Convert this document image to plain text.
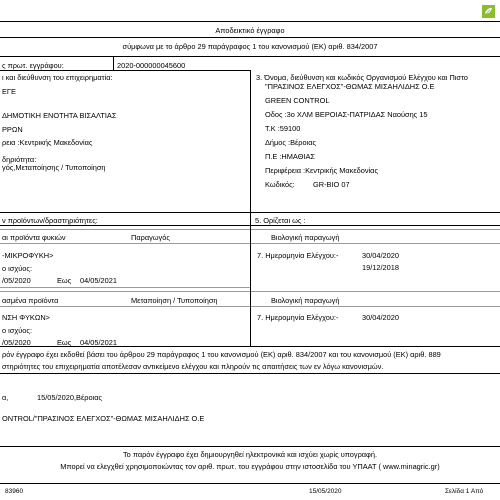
Αποδεικτικό έγγραφο
σύμφωνα με το άρθρο 29 παράγραφος 1 του κανονισμού (ΕΚ) αριθ. 834/2007
ς πρωτ. εγγράφου:	2020-000000045600
ι και διεύθυνση του επιχειρηματία:
ΕΓΕ
ΔΗΜΟΤΙΚΗ ΕΝΟΤΗΤΑ ΒΙΣΑΛΤΙΑΣ
ΡΡΩΝ
ρεια :Κεντρικής Μακεδονίας
δηριότητα:
γός,Μεταποίησης / Τυποποίηση
3. Όνομα, διεύθυνση και κωδικός Οργανισμού Ελέγχου και Πιστο
"ΠΡΑΣΙΝΟΣ ΕΛΕΓΧΟΣ"-ΘΩΜΑΣ ΜΙΣΑΗΛΙΔΗΣ Ο.Ε
GREEN CONTROL
Οδος :3ο ΧΛΜ ΒΕΡΟΙΑΣ-ΠΑΤΡΙΔΑΣ Ναούσης 15
Τ.Κ :59100
Δήμος :Βέροιας
Π.Ε :ΗΜΑΘΙΑΣ
Περιφέρεια :Κεντρικής Μακεδονίας
Κωδικός: GR-BIO 07
ν προϊόντων/δραστηριότητες:	5. Ορίζεται ως :
αι προϊόντα φυκιών	Παραγωγός	Βιολογική παραγωγή
-ΜΙΚΡΟΦΥΚΗ>
ο ισχύος:
/05/2020	Εως 04/05/2021
7. Ημερομηνία Ελέγχου:-	30/04/2020
19/12/2018
ασμένα προϊόντα	Μεταποίηση / Τυποποίηση	Βιολογική παραγωγή
ΝΣΗ ΦΥΚΩΝ>
ο ισχύος:
/05/2020	Εως 04/05/2021
7. Ημερομηνία Ελέγχου:-	30/04/2020
ρόν έγγραφο έχει εκδοθεί βάσει του άρθρου 29 παράγραφος 1 του κανονισμού (ΕΚ) αριθ. 834/2007 και του κανονισμού (ΕΚ) αριθ. 889
στηριότητες του επιχειρηματία αποτέλεσαν αντικείμενο ελέγχου και πληρούν τις απαιτήσεις των εν λόγω κανονισμών.
α,	15/05/2020,Βέροιας
ONTROL/"ΠΡΑΣΙΝΟΣ ΕΛΕΓΧΟΣ"-ΘΩΜΑΣ ΜΙΣΑΗΛΙΔΗΣ Ο.Ε
Το παρόν έγγραφο έχει δημιουργηθεί ηλεκτρονικά και ισχύει χωρίς υπογραφή.
Μπορεί να ελεγχθεί χρησιμοποιώντας τον αριθ. πρωτ. του εγγράφου στην ιστοσελίδα του ΥΠΑΑΤ ( www.minagric.gr)
83960	15/05/2020	Σελίδα 1 Από
